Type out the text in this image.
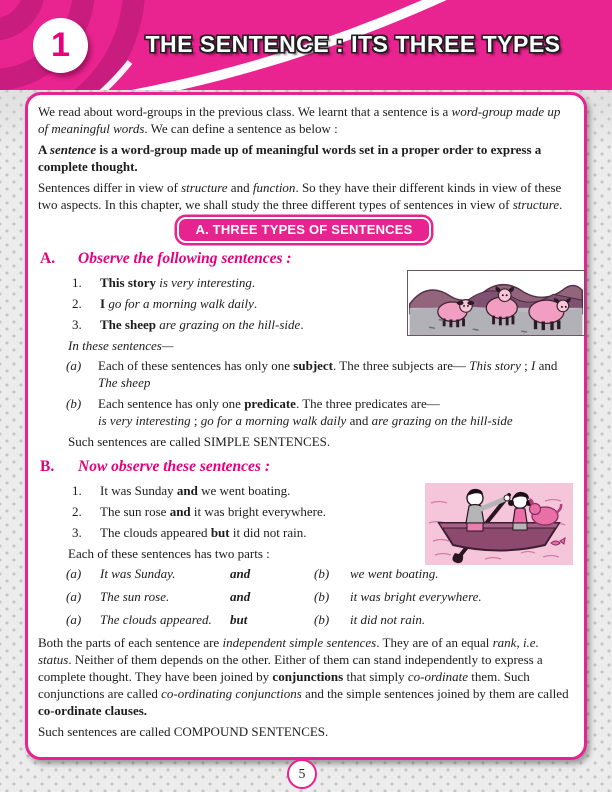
1	THE SENTENCE : ITS THREE TYPES

We read about word-groups in the previous class. We learnt that a sentence is a word-group made up of meaningful words. We can define a sentence as below :

A sentence is a word-group made up of meaningful words set in a proper order to express a complete thought.

Sentences differ in view of structure and function. So they have their different kinds in view of these two aspects. In this chapter, we shall study the three different types of sentences in view of structure.

A. THREE TYPES OF SENTENCES
A. Observe the following sentences :
1. This story is very interesting.
2. I go for a morning walk daily.
3. The sheep are grazing on the hill-side.
In these sentences—
(a)	Each of these sentences has only one subject. The three subjects are— This story ; I and The sheep
(b)	Each sentence has only one predicate. The three predicates are—
is very interesting ; go for a morning walk daily and are grazing on the hill-side
Such sentences are called SIMPLE SENTENCES.
B. Now observe these sentences :
1. It was Sunday and we went boating.
2. The sun rose and it was bright everywhere.
3. The clouds appeared but it did not rain.
Each of these sentences has two parts :
(a)	It was Sunday.	and	(b)	we went boating.
(a)	The sun rose.	and	(b)	it was bright everywhere.
(a)	The clouds appeared.	but	(b)	it did not rain.

Both the parts of each sentence are independent simple sentences. They are of an equal rank, i.e. status. Neither of them depends on the other. Either of them can stand independently to express a complete thought. They have been joined by conjunctions that simply co-ordinate them. Such conjunctions are called co-ordinating conjunctions and the simple sentences joined by them are called co-ordinate clauses.

Such sentences are called COMPOUND SENTENCES.
5
